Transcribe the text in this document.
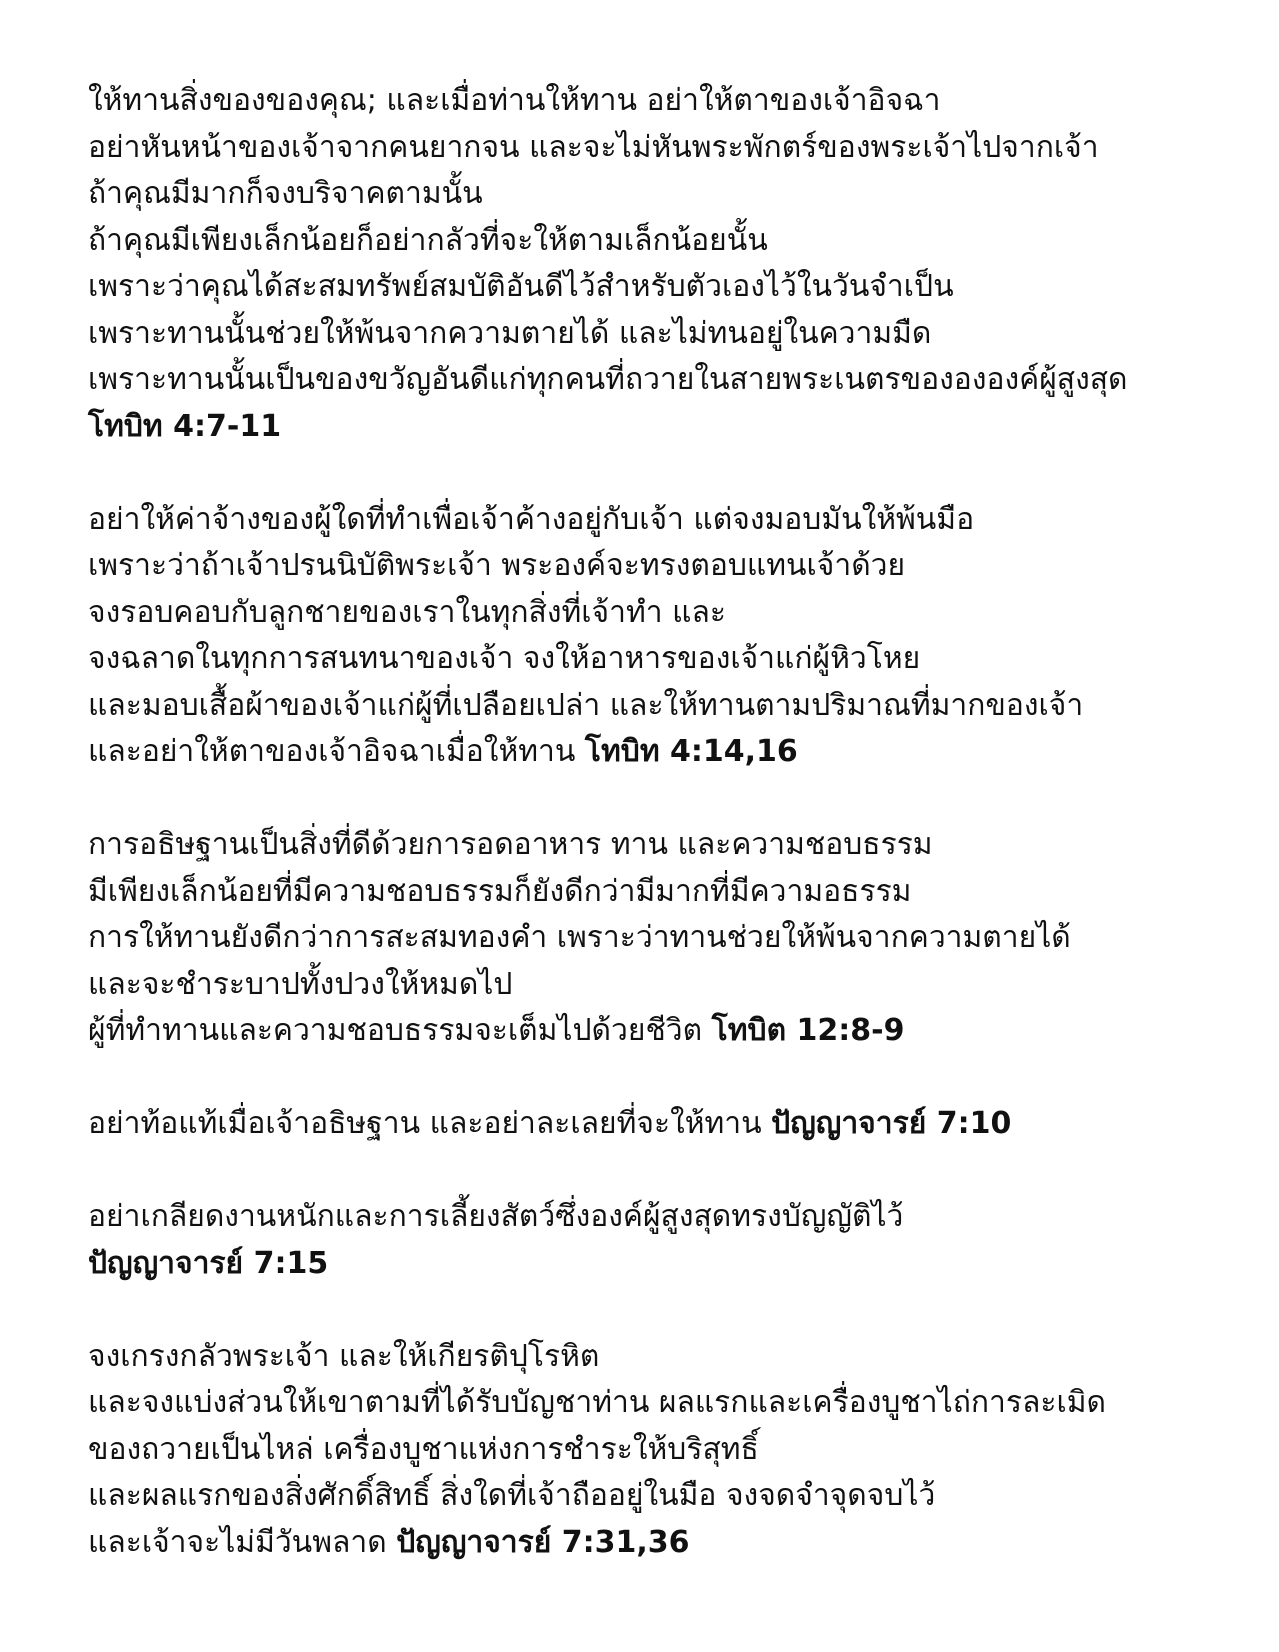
ให้ทานสิ่งของของคุณ; และเมื่อท่านให้ทาน อย่าให้ตาของเจ้าอิจฉา
อย่าหันหน้าของเจ้าจากคนยากจน และจะไม่หันพระพักตร์ของพระเจ้าไปจากเจ้า
ถ้าคุณมีมากก็จงบริจาคตามนั้น
ถ้าคุณมีเพียงเล็กน้อยก็อย่ากลัวที่จะให้ตามเล็กน้อยนั้น
เพราะว่าคุณได้สะสมทรัพย์สมบัติอันดีไว้สำหรับตัวเองไว้ในวันจำเป็น
เพราะทานนั้นช่วยให้พ้นจากความตายได้ และไม่ทนอยู่ในความมืด
เพราะทานนั้นเป็นของขวัญอันดีแก่ทุกคนที่ถวายในสายพระเนตรของององค์ผู้สูงสุด
โทบิท 4:7-11
อย่าให้ค่าจ้างของผู้ใดที่ทำเพื่อเจ้าค้างอยู่กับเจ้า แต่จงมอบมันให้พ้นมือ
เพราะว่าถ้าเจ้าปรนนิบัติพระเจ้า พระองค์จะทรงตอบแทนเจ้าด้วย
จงรอบคอบกับลูกชายของเราในทุกสิ่งที่เจ้าทำ และ
จงฉลาดในทุกการสนทนาของเจ้า จงให้อาหารของเจ้าแก่ผู้หิวโหย
และมอบเสื้อผ้าของเจ้าแก่ผู้ที่เปลือยเปล่า และให้ทานตามปริมาณที่มากของเจ้า
และอย่าให้ตาของเจ้าอิจฉาเมื่อให้ทาน โทบิท 4:14,16
การอธิษฐานเป็นสิ่งที่ดีด้วยการอดอาหาร ทาน และความชอบธรรม
มีเพียงเล็กน้อยที่มีความชอบธรรมก็ยังดีกว่ามีมากที่มีความอธรรม
การให้ทานยังดีกว่าการสะสมทองคำ เพราะว่าทานช่วยให้พ้นจากความตายได้
และจะชำระบาปทั้งปวงให้หมดไป
ผู้ที่ทำทานและความชอบธรรมจะเต็มไปด้วยชีวิต โทบิต 12:8-9
อย่าท้อแท้เมื่อเจ้าอธิษฐาน และอย่าละเลยที่จะให้ทาน ปัญญาจารย์ 7:10
อย่าเกลียดงานหนักและการเลี้ยงสัตว์ซึ่งองค์ผู้สูงสุดทรงบัญญัติไว้
ปัญญาจารย์ 7:15
จงเกรงกลัวพระเจ้า และให้เกียรติปุโรหิต
และจงแบ่งส่วนให้เขาตามที่ได้รับบัญชาท่าน ผลแรกและเครื่องบูชาไถ่การละเมิด
ของถวายเป็นไหล่ เครื่องบูชาแห่งการชำระให้บริสุทธิ์
และผลแรกของสิ่งศักดิ์สิทธิ์ สิ่งใดที่เจ้าถืออยู่ในมือ จงจดจำจุดจบไว้
และเจ้าจะไม่มีวันพลาด ปัญญาจารย์ 7:31,36
